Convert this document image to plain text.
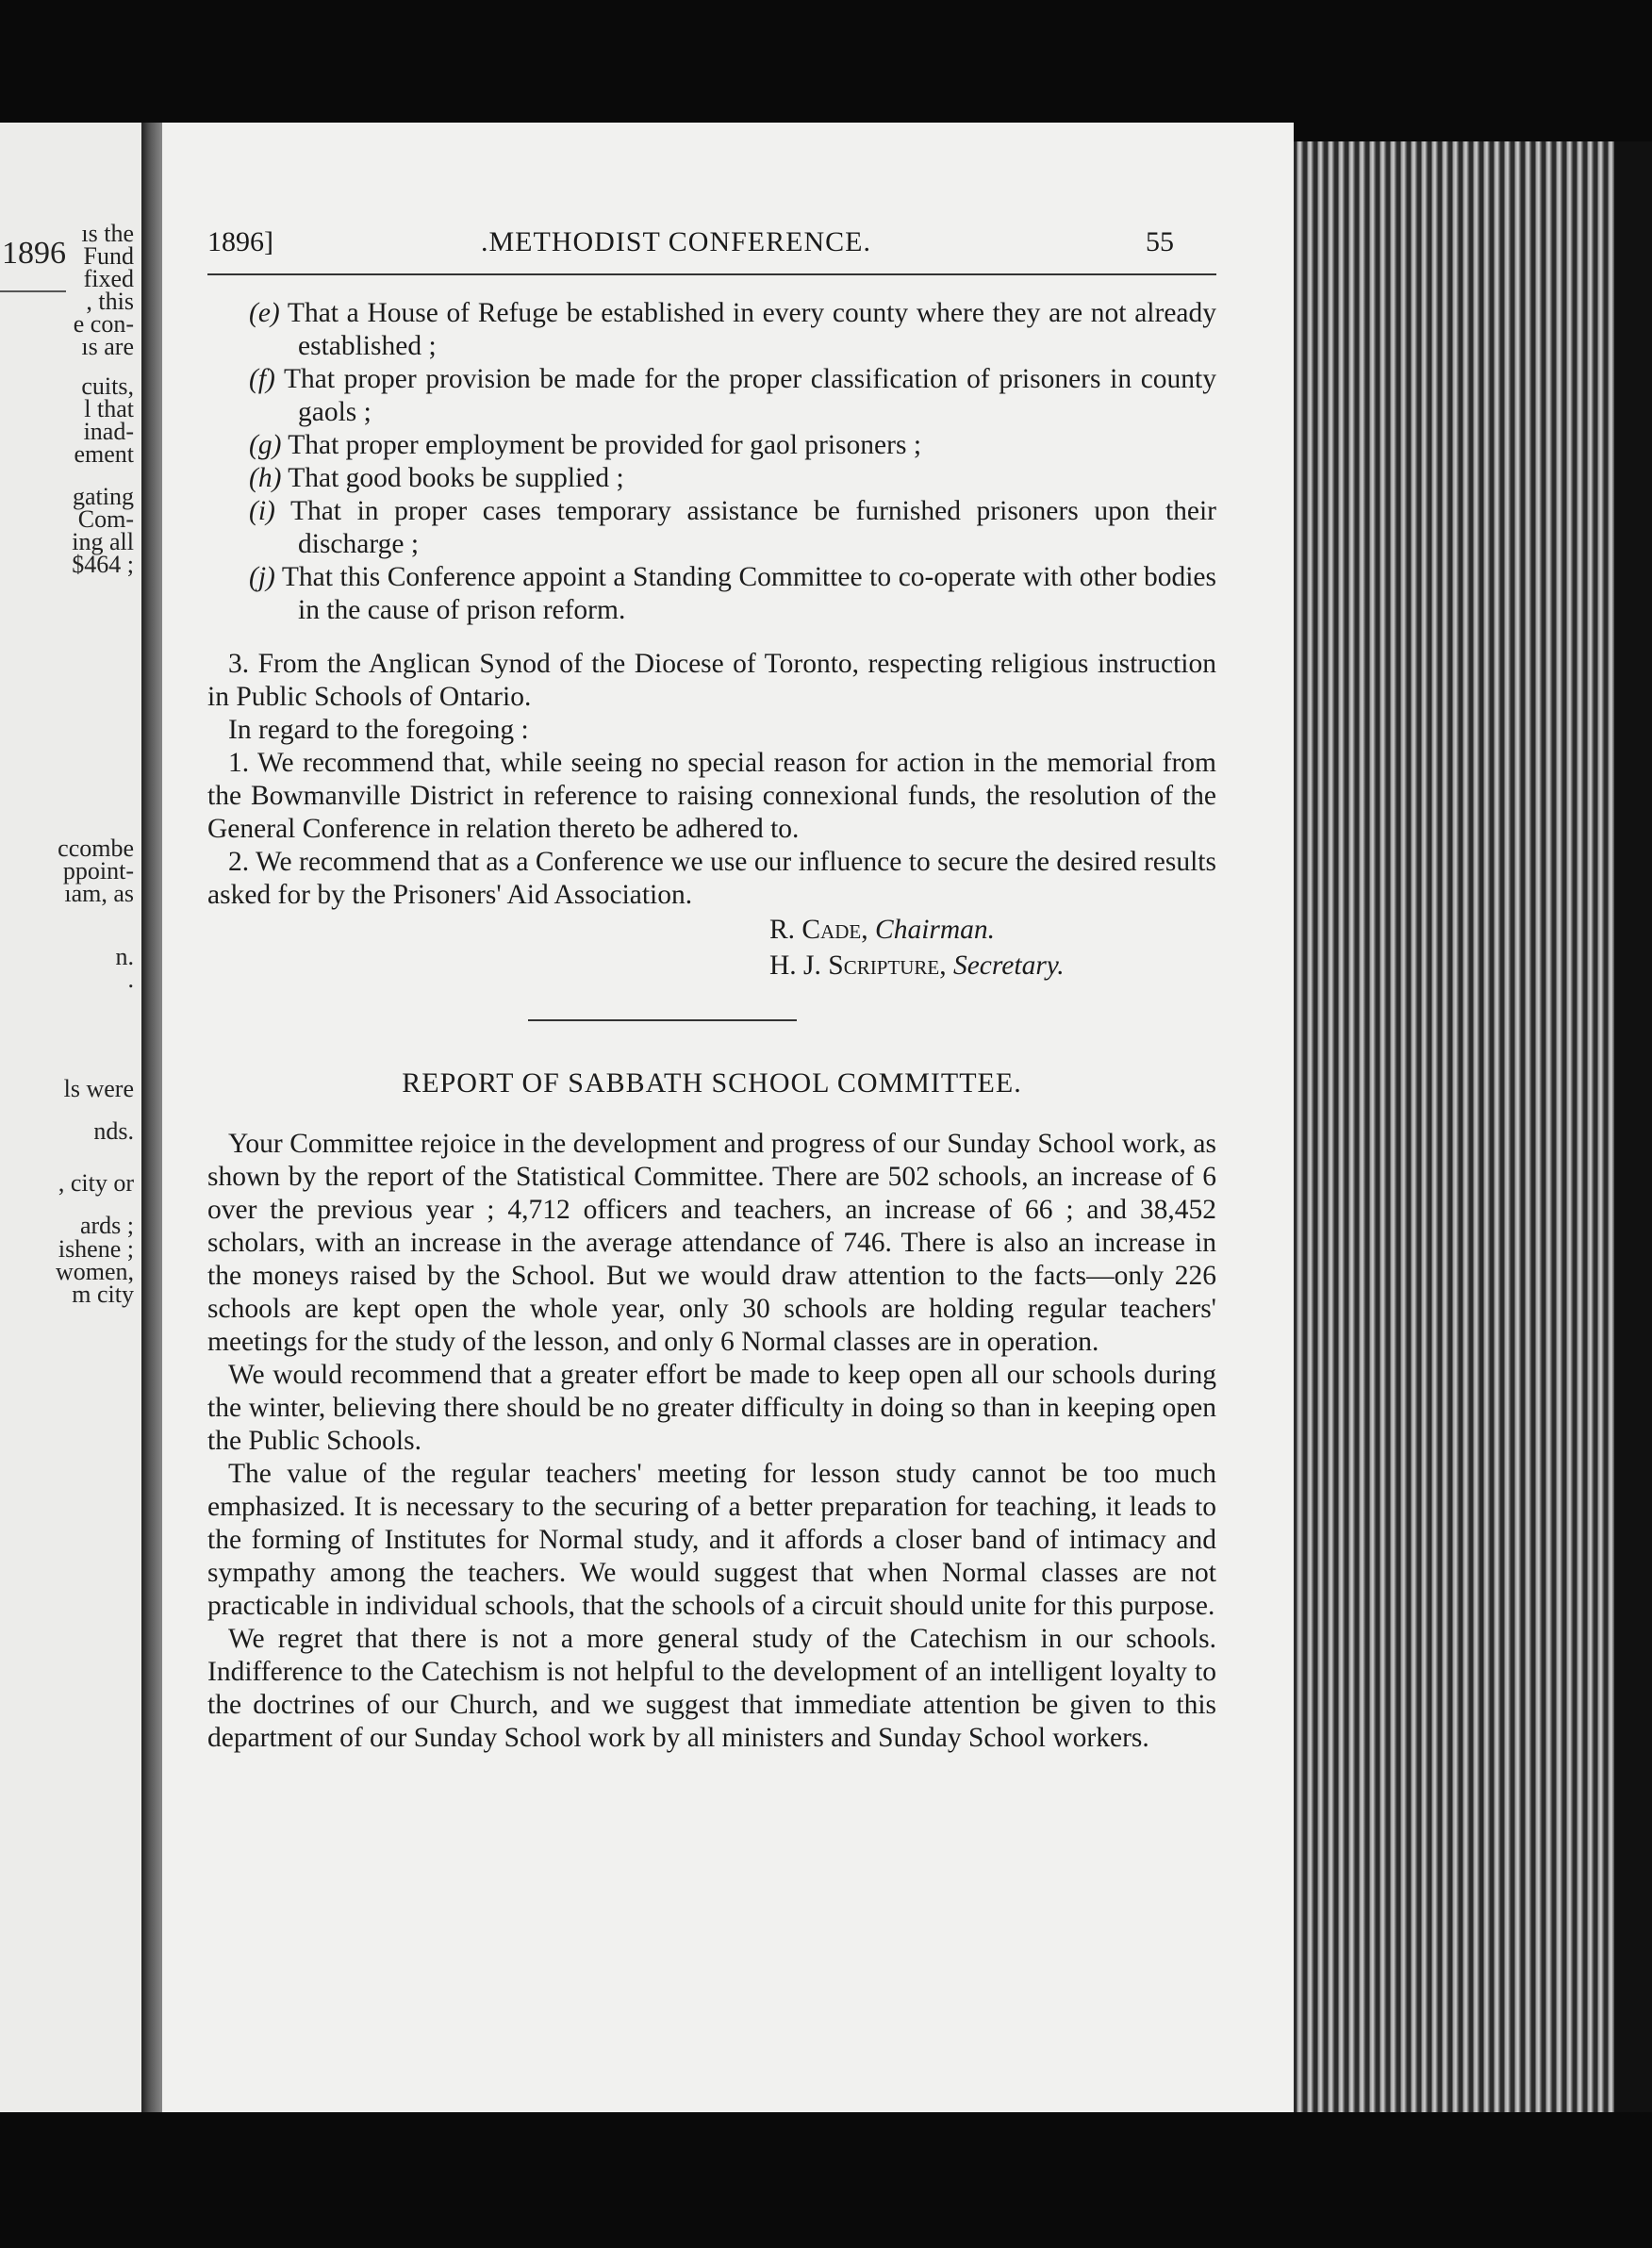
1896
ıs the
Fund
fixed
, this
e con-
ıs are
cuits,
l that
inad-
ement
gating
Com-
ing all
$464 ;
ccombe
ppoint-
ıam, as
n.
.
ls were
nds.
, city or
ards ;
ishene ;
women,
m city
1896]	.METHODIST CONFERENCE.	55

(e) That a House of Refuge be established in every county where they are not already established ;

(f) That proper provision be made for the proper classification of prisoners in county gaols ;

(g) That proper employment be provided for gaol prisoners ;

(h) That good books be supplied ;

(i) That in proper cases temporary assistance be furnished prisoners upon their discharge ;

(j) That this Conference appoint a Standing Committee to co-operate with other bodies in the cause of prison reform.

3. From the Anglican Synod of the Diocese of Toronto, respecting religious instruction in Public Schools of Ontario.

In regard to the foregoing :

1. We recommend that, while seeing no special reason for action in the memorial from the Bowmanville District in reference to raising connexional funds, the resolution of the General Conference in relation thereto be adhered to.

2. We recommend that as a Conference we use our influence to secure the desired results asked for by the Prisoners' Aid Association.

R. Cade, Chairman.
H. J. Scripture, Secretary.
REPORT OF SABBATH SCHOOL COMMITTEE.

Your Committee rejoice in the development and progress of our Sunday School work, as shown by the report of the Statistical Committee. There are 502 schools, an increase of 6 over the previous year ; 4,712 officers and teachers, an increase of 66 ; and 38,452 scholars, with an increase in the average attendance of 746. There is also an increase in the moneys raised by the School. But we would draw attention to the facts—only 226 schools are kept open the whole year, only 30 schools are holding regular teachers' meetings for the study of the lesson, and only 6 Normal classes are in operation.

We would recommend that a greater effort be made to keep open all our schools during the winter, believing there should be no greater difficulty in doing so than in keeping open the Public Schools.

The value of the regular teachers' meeting for lesson study cannot be too much emphasized. It is necessary to the securing of a better preparation for teaching, it leads to the forming of Institutes for Normal study, and it affords a closer band of intimacy and sympathy among the teachers. We would suggest that when Normal classes are not practicable in individual schools, that the schools of a circuit should unite for this purpose.

We regret that there is not a more general study of the Catechism in our schools. Indifference to the Catechism is not helpful to the development of an intelligent loyalty to the doctrines of our Church, and we suggest that immediate attention be given to this department of our Sunday School work by all ministers and Sunday School workers.
